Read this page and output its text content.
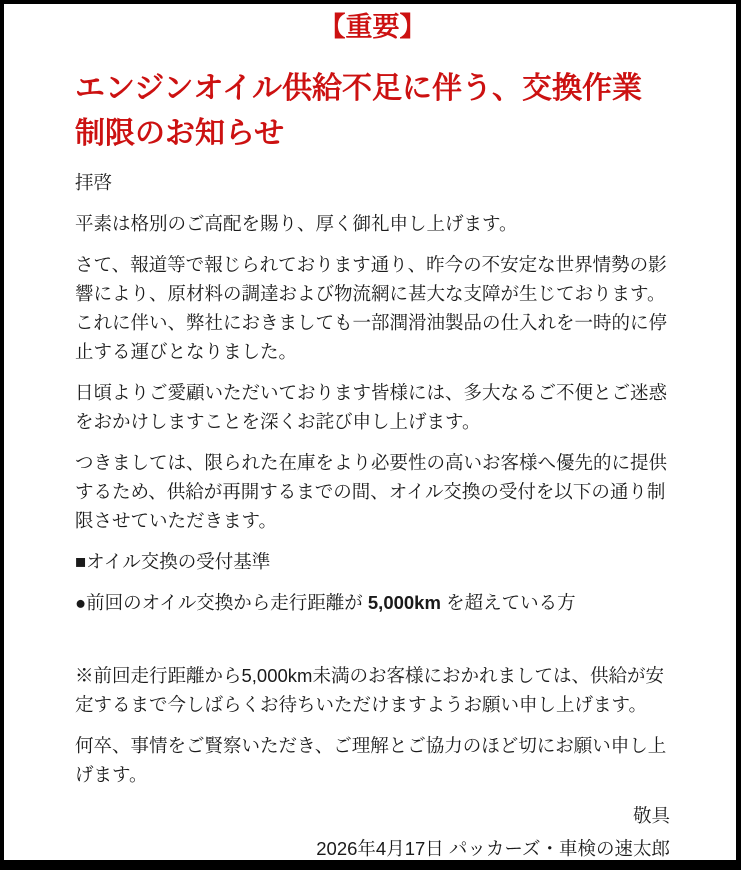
【重要】
エンジンオイル供給不足に伴う、交換作業
制限のお知らせ

拝啓

平素は格別のご高配を賜り、厚く御礼申し上げます。

さて、報道等で報じられております通り、昨今の不安定な世界情勢の影響により、原材料の調達および物流網に甚大な支障が生じております。これに伴い、弊社におきましても一部潤滑油製品の仕入れを一時的に停止する運びとなりました。

日頃よりご愛顧いただいております皆様には、多大なるご不便とご迷惑をおかけしますことを深くお詫び申し上げます。

つきましては、限られた在庫をより必要性の高いお客様へ優先的に提供するため、供給が再開するまでの間、オイル交換の受付を以下の通り制限させていただきます。

■オイル交換の受付基準

●前回のオイル交換から走行距離が 5,000km を超えている方

※前回走行距離から5,000km未満のお客様におかれましては、供給が安定するまで今しばらくお待ちいただけますようお願い申し上げます。

何卒、事情をご賢察いただき、ご理解とご協力のほど切にお願い申し上げます。

敬具

2026年4月17日 パッカーズ・車検の速太郎
